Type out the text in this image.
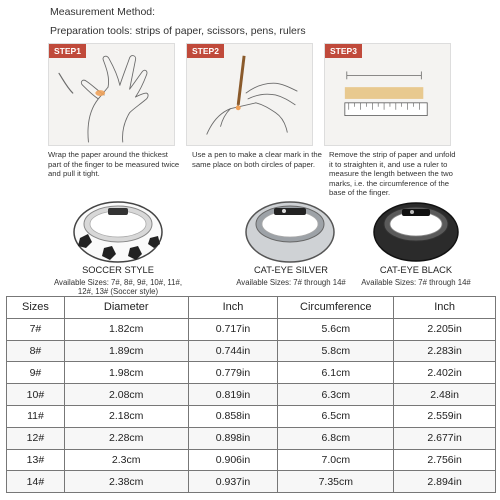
Measurement Method:
Preparation tools: strips of paper, scissors, pens, rulers
STEP1
Wrap the paper around the thickest part of the finger to be measured twice and pull it tight.
STEP2
Use a pen to make a clear mark in the same place on both circles of paper.
STEP3
Remove the strip of paper and unfold it to straighten it, and use a ruler to measure the length between the two marks, i.e. the circumference of the base of the finger.
SOCCER STYLE
Available Sizes: 7#, 8#, 9#, 10#, 11#, 12#, 13# (Soccer style)
CAT-EYE SILVER
Available Sizes: 7# through 14#
CAT-EYE BLACK
Available Sizes: 7# through 14#
Sizes	Diameter	Inch	Circumference	Inch
7#	1.82cm	0.717in	5.6cm	2.205in
8#	1.89cm	0.744in	5.8cm	2.283in
9#	1.98cm	0.779in	6.1cm	2.402in
10#	2.08cm	0.819in	6.3cm	2.48in
11#	2.18cm	0.858in	6.5cm	2.559in
12#	2.28cm	0.898in	6.8cm	2.677in
13#	2.3cm	0.906in	7.0cm	2.756in
14#	2.38cm	0.937in	7.35cm	2.894in
